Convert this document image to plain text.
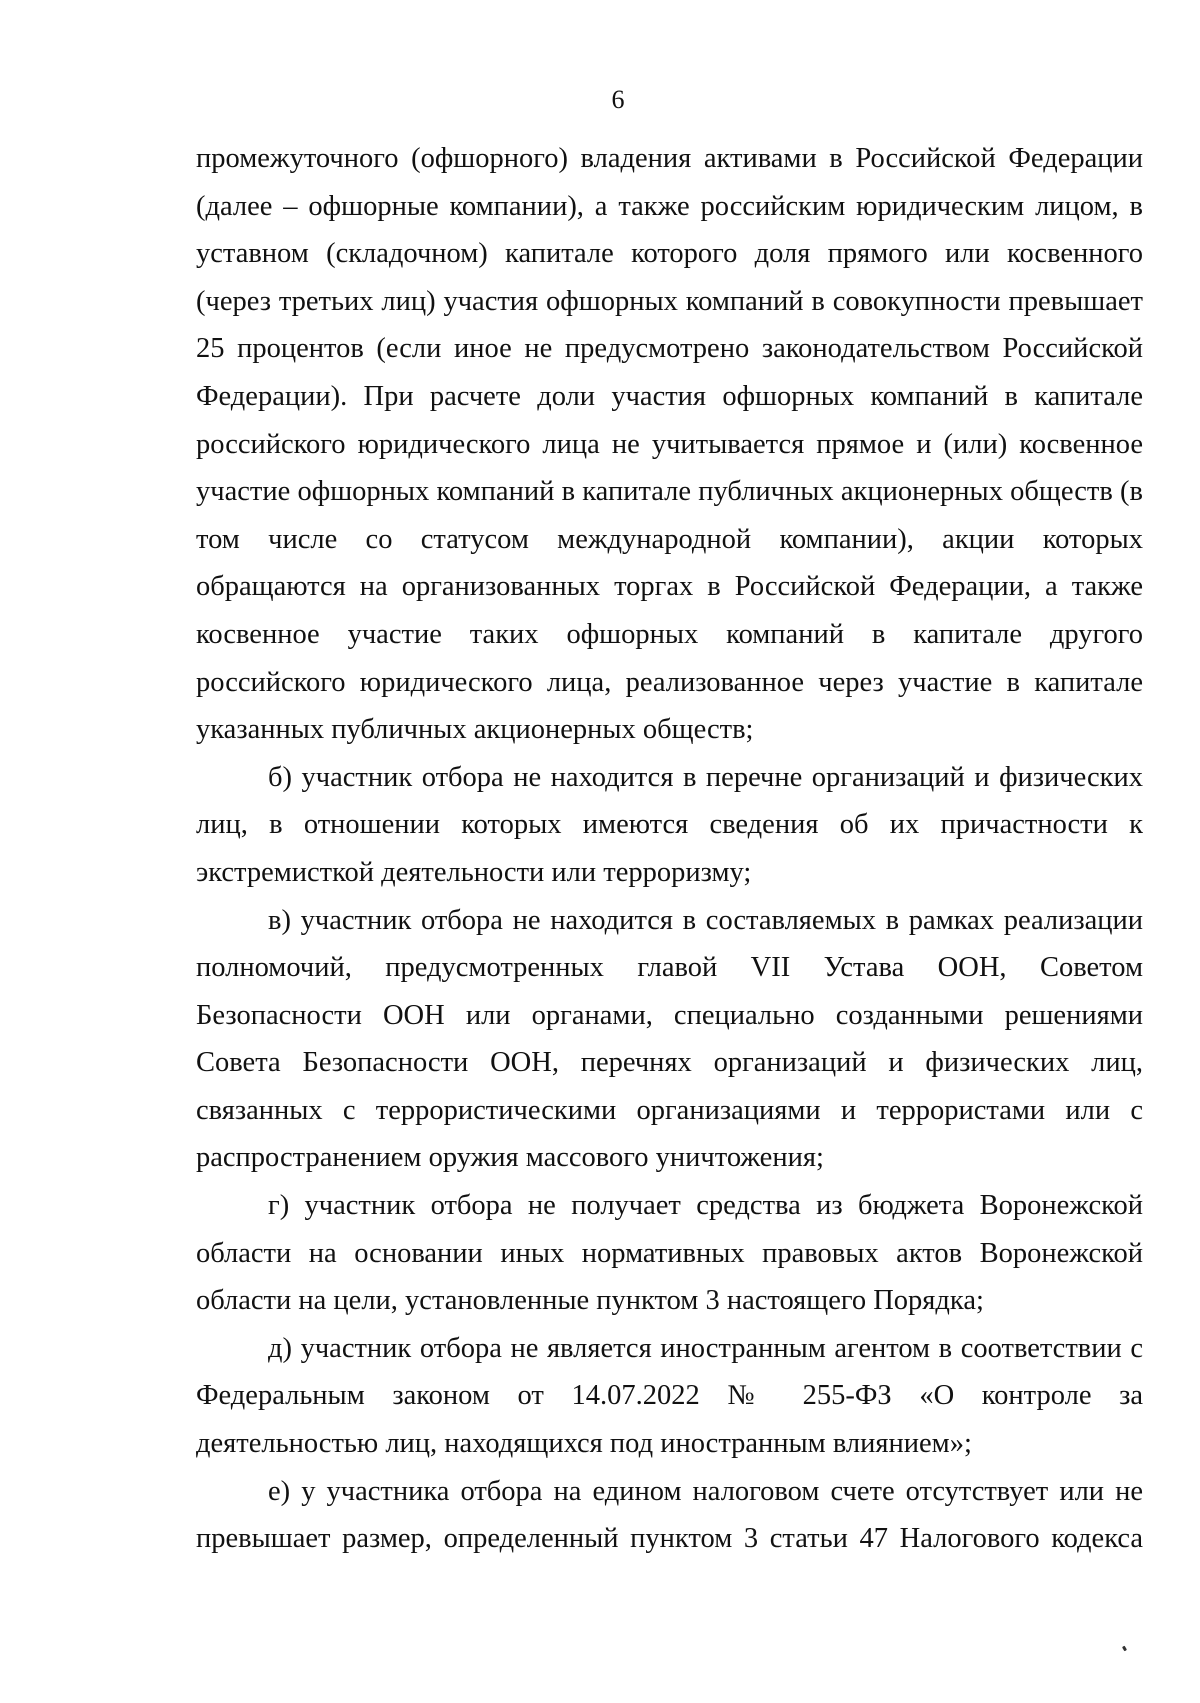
6
промежуточного (офшорного) владения активами в Российской Федерации
(далее – офшорные компании), а также российским юридическим лицом, в
уставном (складочном) капитале которого доля прямого или косвенного
(через третьих лиц) участия офшорных компаний в совокупности превышает
25 процентов (если иное не предусмотрено законодательством Российской
Федерации). При расчете доли участия офшорных компаний в капитале
российского юридического лица не учитывается прямое и (или) косвенное
участие офшорных компаний в капитале публичных акционерных обществ (в
том числе со статусом международной компании), акции которых
обращаются на организованных торгах в Российской Федерации, а также
косвенное участие таких офшорных компаний в капитале другого
российского юридического лица, реализованное через участие в капитале
указанных публичных акционерных обществ;
б) участник отбора не находится в перечне организаций и физических
лиц, в отношении которых имеются сведения об их причастности к
экстремисткой деятельности или терроризму;
в) участник отбора не находится в составляемых в рамках реализации
полномочий, предусмотренных главой VII Устава ООН, Советом
Безопасности ООН или органами, специально созданными решениями
Совета Безопасности ООН, перечнях организаций и физических лиц,
связанных с террористическими организациями и террористами или с
распространением оружия массового уничтожения;
г) участник отбора не получает средства из бюджета Воронежской
области на основании иных нормативных правовых актов Воронежской
области на цели, установленные пунктом 3 настоящего Порядка;
д) участник отбора не является иностранным агентом в соответствии с
Федеральным законом от 14.07.2022 № 255-ФЗ «О контроле за
деятельностью лиц, находящихся под иностранным влиянием»;
е) у участника отбора на едином налоговом счете отсутствует или не
превышает размер, определенный пунктом 3 статьи 47 Налогового кодекса
